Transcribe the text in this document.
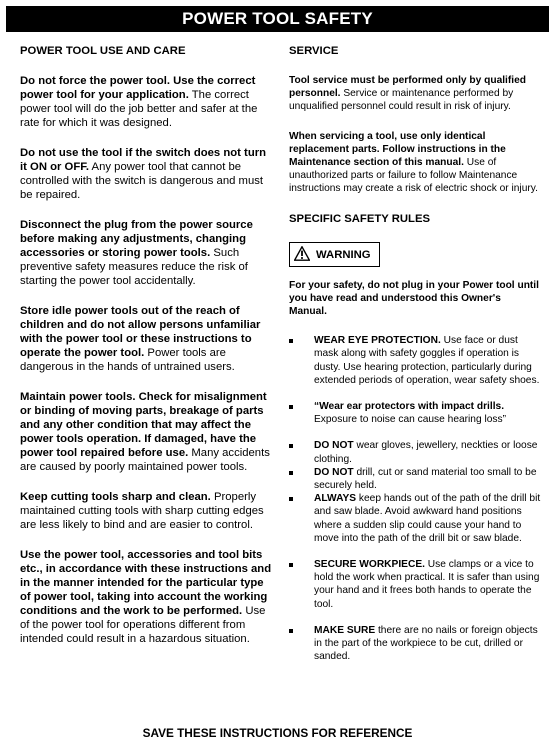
POWER TOOL SAFETY
POWER TOOL USE AND CARE
Do not force the power tool. Use the correct power tool for your application. The correct power tool will do the job better and safer at the rate for which it was designed.
Do not use the tool if the switch does not turn it ON or OFF. Any power tool that cannot be controlled with the switch is dangerous and must be repaired.
Disconnect the plug from the power source before making any adjustments, changing accessories or storing power tools. Such preventive safety measures reduce the risk of starting the power tool accidentally.
Store idle power tools out of the reach of children and do not allow persons unfamiliar with the power tool or these instructions to operate the power tool. Power tools are dangerous in the hands of untrained users.
Maintain power tools. Check for misalignment or binding of moving parts, breakage of parts and any other condition that may affect the power tools operation. If damaged, have the power tool repaired before use. Many accidents are caused by poorly maintained power tools.
Keep cutting tools sharp and clean. Properly maintained cutting tools with sharp cutting edges are less likely to bind and are easier to control.
Use the power tool, accessories and tool bits etc., in accordance with these instructions and in the manner intended for the particular type of power tool, taking into account the working conditions and the work to be performed. Use of the power tool for operations different from intended could result in a hazardous situation.
SERVICE
Tool service must be performed only by qualified personnel. Service or maintenance performed by unqualified personnel could result in risk of injury.
When servicing a tool, use only identical replacement parts. Follow instructions in the Maintenance section of this manual. Use of unauthorized parts or failure to follow Maintenance instructions may create a risk of electric shock or injury.
SPECIFIC SAFETY RULES
WARNING
For your safety, do not plug in your Power tool until you have read and understood this Owner's Manual.
WEAR EYE PROTECTION. Use face or dust mask along with safety goggles if operation is dusty. Use hearing protection, particularly during extended periods of operation, wear safety shoes.
“Wear ear protectors with impact drills. Exposure to noise can cause hearing loss”
DO NOT wear gloves, jewellery, neckties or loose clothing.
DO NOT drill, cut or sand material too small to be securely held.
ALWAYS keep hands out of the path of the drill bit and saw blade. Avoid awkward hand positions where a sudden slip could cause your hand to move into the path of the drill bit or saw blade.
SECURE WORKPIECE. Use clamps or a vice to hold the work when practical. It is safer than using your hand and it frees both hands to operate the tool.
MAKE SURE there are no nails or foreign objects in the part of the workpiece to be cut, drilled or sanded.
SAVE THESE INSTRUCTIONS FOR REFERENCE
